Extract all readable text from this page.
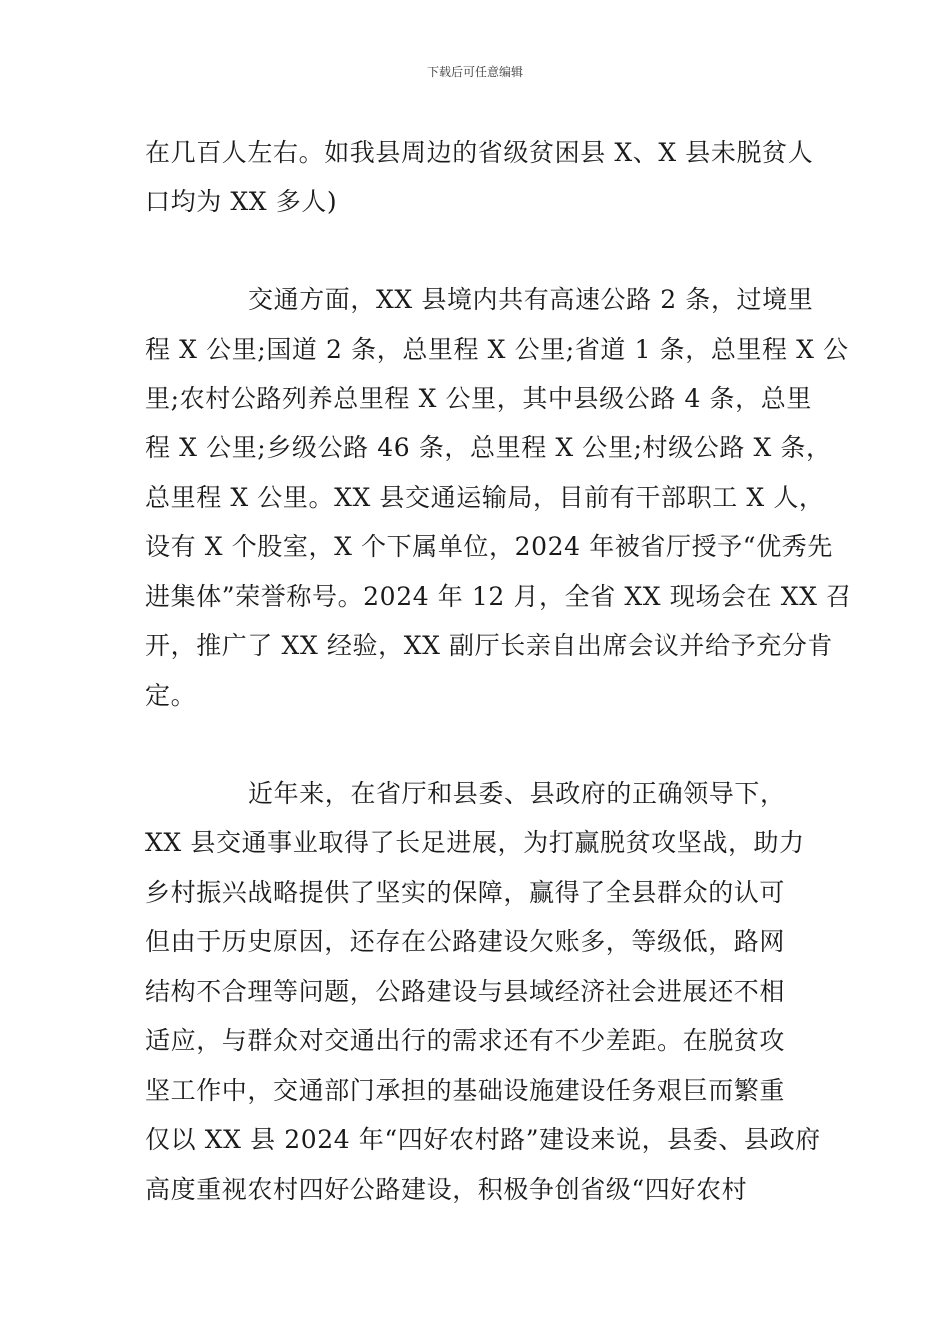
下载后可任意编辑
在几百人左右。如我县周边的省级贫困县 X、X 县未脱贫人
口均为 XX 多人)
交通方面，XX 县境内共有高速公路 2 条，过境里
程 X 公里;国道 2 条，总里程 X 公里;省道 1 条，总里程 X 公
里;农村公路列养总里程 X 公里，其中县级公路 4 条，总里
程 X 公里;乡级公路 46 条，总里程 X 公里;村级公路 X 条，
总里程 X 公里。XX 县交通运输局，目前有干部职工 X 人，
设有 X 个股室，X 个下属单位，2024 年被省厅授予“优秀先
进集体”荣誉称号。2024 年 12 月，全省 XX 现场会在 XX 召
开，推广了 XX 经验，XX 副厅长亲自出席会议并给予充分肯
定。
近年来，在省厅和县委、县政府的正确领导下，
XX 县交通事业取得了长足进展，为打赢脱贫攻坚战，助力
乡村振兴战略提供了坚实的保障，赢得了全县群众的认可
但由于历史原因，还存在公路建设欠账多，等级低，路网
结构不合理等问题，公路建设与县域经济社会进展还不相
适应，与群众对交通出行的需求还有不少差距。在脱贫攻
坚工作中，交通部门承担的基础设施建设任务艰巨而繁重
仅以 XX 县 2024 年“四好农村路”建设来说，县委、县政府
高度重视农村四好公路建设，积极争创省级“四好农村
